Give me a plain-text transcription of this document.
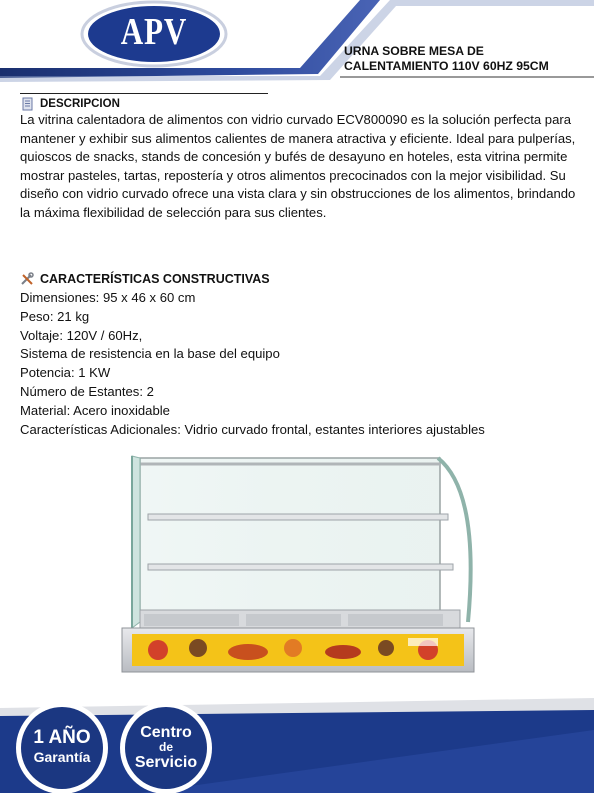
APV	URNA SOBRE MESA DE
CALENTAMIENTO 110V 60HZ 95CM
DESCRIPCION
La vitrina calentadora de alimentos con vidrio curvado ECV800090 es la solución perfecta para mantener y exhibir sus alimentos calientes de manera atractiva y eficiente. Ideal para pulperías, quioscos de snacks, stands de concesión y bufés de desayuno en hoteles, esta vitrina permite mostrar pasteles, tartas, repostería y otros alimentos precocinados con la mejor visibilidad. Su diseño con vidrio curvado ofrece una vista clara y sin obstrucciones de los alimentos, brindando la máxima flexibilidad de selección para sus clientes.
CARACTERÍSTICAS CONSTRUCTIVAS
Dimensiones: 95 x 46 x 60 cm
Peso: 21 kg
Voltaje: 120V / 60Hz,
Sistema de resistencia en la base del equipo
Potencia: 1 KW
Número de Estantes: 2
Material: Acero inoxidable
Características Adicionales: Vidrio curvado frontal, estantes interiores ajustables
1 AÑO
Garantía
Centro
de
Servicio
